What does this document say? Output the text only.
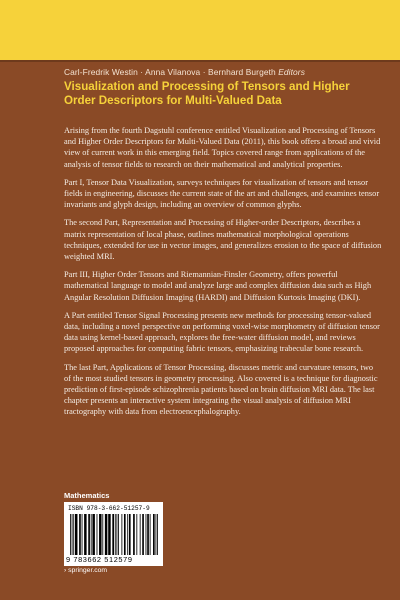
Carl-Fredrik Westin · Anna Vilanova · Bernhard Burgeth Editors
Visualization and Processing of Tensors and Higher Order Descriptors for Multi-Valued Data

Arising from the fourth Dagstuhl conference entitled Visualization and Processing of Tensors and Higher Order Descriptors for Multi-Valued Data (2011), this book offers a broad and vivid view of current work in this emerging field. Topics covered range from applications of the analysis of tensor fields to research on their mathematical and analytical properties.

Part I, Tensor Data Visualization, surveys techniques for visualization of tensors and tensor fields in engineering, discusses the current state of the art and challenges, and examines tensor invariants and glyph design, including an overview of common glyphs.

The second Part, Representation and Processing of Higher-order Descriptors, describes a matrix representation of local phase, outlines mathematical morphological operations techniques, extended for use in vector images, and generalizes erosion to the space of diffusion weighted MRI.

Part III, Higher Order Tensors and Riemannian-Finsler Geometry, offers powerful mathematical language to model and analyze large and complex diffusion data such as High Angular Resolution Diffusion Imaging (HARDI) and Diffusion Kurtosis Imaging (DKI).

A Part entitled Tensor Signal Processing presents new methods for processing tensor-valued data, including a novel perspective on performing voxel-wise morphometry of diffusion tensor data using kernel-based approach, explores the free-water diffusion model, and reviews proposed approaches for computing fabric tensors, emphasizing trabecular bone research.

The last Part, Applications of Tensor Processing, discusses metric and curvature tensors, two of the most studied tensors in geometry processing. Also covered is a technique for diagnostic prediction of first-episode schizophrenia patients based on brain diffusion MRI data. The last chapter presents an interactive system integrating the visual analysis of diffusion MRI tractography with data from electroencephalography.

Mathematics
ISBN 978-3-662-51257-9
9 783662 512579
› springer.com
